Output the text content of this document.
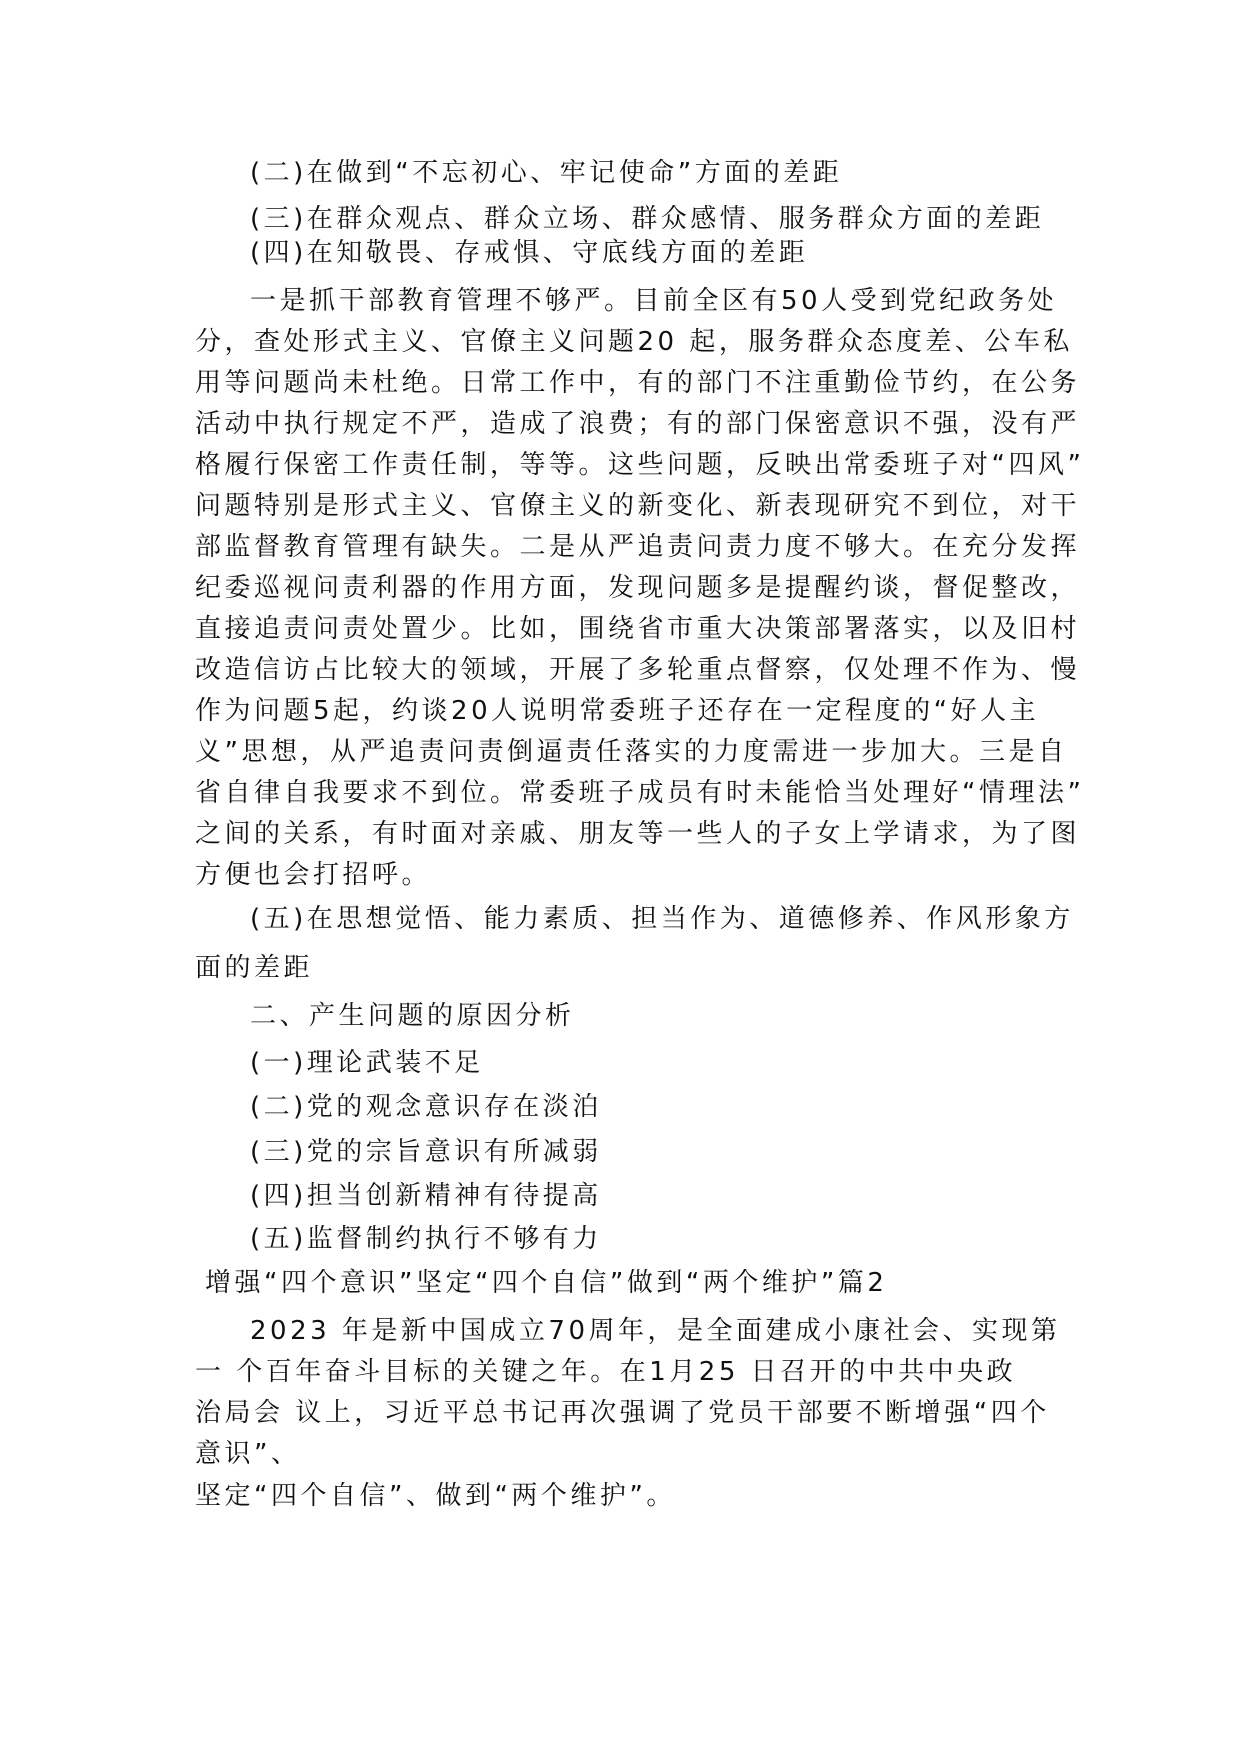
(二)在做到“不忘初心、牢记使命”方面的差距
(三)在群众观点、群众立场、群众感情、服务群众方面的差距
(四)在知敬畏、存戒惧、守底线方面的差距
一是抓干部教育管理不够严。目前全区有50人受到党纪政务处
分，查处形式主义、官僚主义问题20 起，服务群众态度差、公车私
用等问题尚未杜绝。日常工作中，有的部门不注重勤俭节约，在公务
活动中执行规定不严，造成了浪费；有的部门保密意识不强，没有严
格履行保密工作责任制，等等。这些问题，反映出常委班子对“四风”
问题特别是形式主义、官僚主义的新变化、新表现研究不到位，对干
部监督教育管理有缺失。二是从严追责问责力度不够大。在充分发挥
纪委巡视问责利器的作用方面，发现问题多是提醒约谈，督促整改，
直接追责问责处置少。比如，围绕省市重大决策部署落实，以及旧村
改造信访占比较大的领域，开展了多轮重点督察，仅处理不作为、慢
作为问题5起，约谈20人说明常委班子还存在一定程度的“好人主
义”思想，从严追责问责倒逼责任落实的力度需进一步加大。三是自
省自律自我要求不到位。常委班子成员有时未能恰当处理好“情理法”
之间的关系，有时面对亲戚、朋友等一些人的子女上学请求，为了图
方便也会打招呼。
(五)在思想觉悟、能力素质、担当作为、道德修养、作风形象方
面的差距
二、产生问题的原因分析
(一)理论武装不足
(二)党的观念意识存在淡泊
(三)党的宗旨意识有所减弱
(四)担当创新精神有待提高
(五)监督制约执行不够有力
增强“四个意识”坚定“四个自信”做到“两个维护”篇2
2023 年是新中国成立70周年，是全面建成小康社会、实现第
一 个百年奋斗目标的关键之年。在1月25 日召开的中共中央政
治局会 议上，习近平总书记再次强调了党员干部要不断增强“四个
意识”、
坚定“四个自信”、做到“两个维护”。
